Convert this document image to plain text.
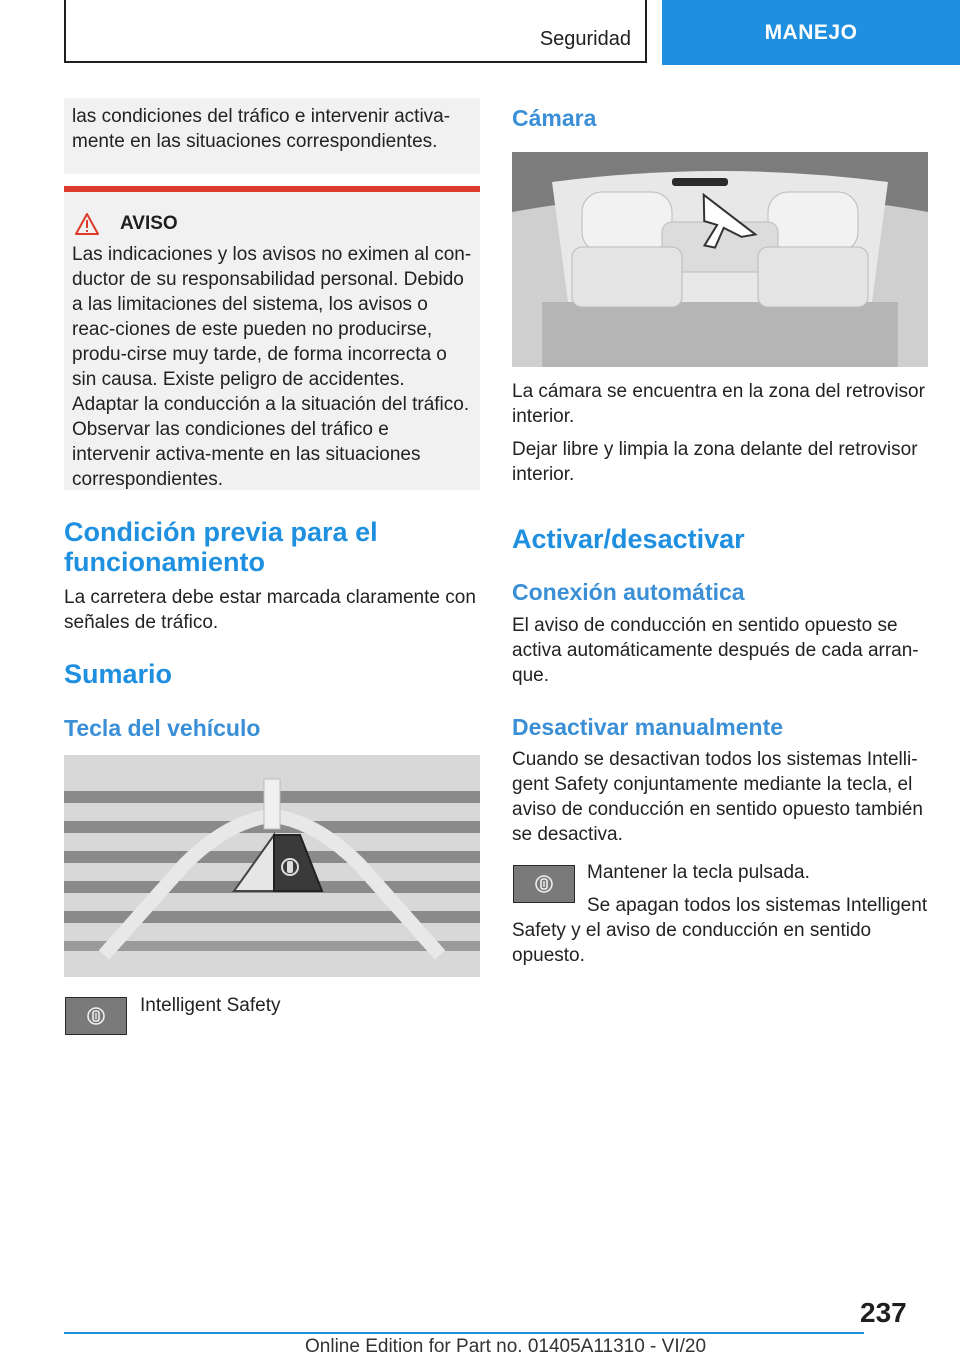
Seguridad	MANEJO
las condiciones del tráfico e intervenir activa-mente en las situaciones correspondientes.
AVISO
Las indicaciones y los avisos no eximen al con-ductor de su responsabilidad personal. Debido a las limitaciones del sistema, los avisos o reac-ciones de este pueden no producirse, produ-cirse muy tarde, de forma incorrecta o sin causa. Existe peligro de accidentes. Adaptar la conducción a la situación del tráfico. Observar las condiciones del tráfico e intervenir activa-mente en las situaciones correspondientes.
Condición previa para el funcionamiento
La carretera debe estar marcada claramente con señales de tráfico.
Sumario
Tecla del vehículo
Intelligent Safety
Cámara

La cámara se encuentra en la zona del retrovisor interior.

Dejar libre y limpia la zona delante del retrovisor interior.

Activar/desactivar
Conexión automática
El aviso de conducción en sentido opuesto se activa automáticamente después de cada arran-que.
Desactivar manualmente
Cuando se desactivan todos los sistemas Intelli-gent Safety conjuntamente mediante la tecla, el aviso de conducción en sentido opuesto también se desactiva.
Mantener la tecla pulsada.
Se apagan todos los sistemas Intelligent Safety y el aviso de conducción en sentido opuesto.
237
Online Edition for Part no. 01405A11310 - VI/20
